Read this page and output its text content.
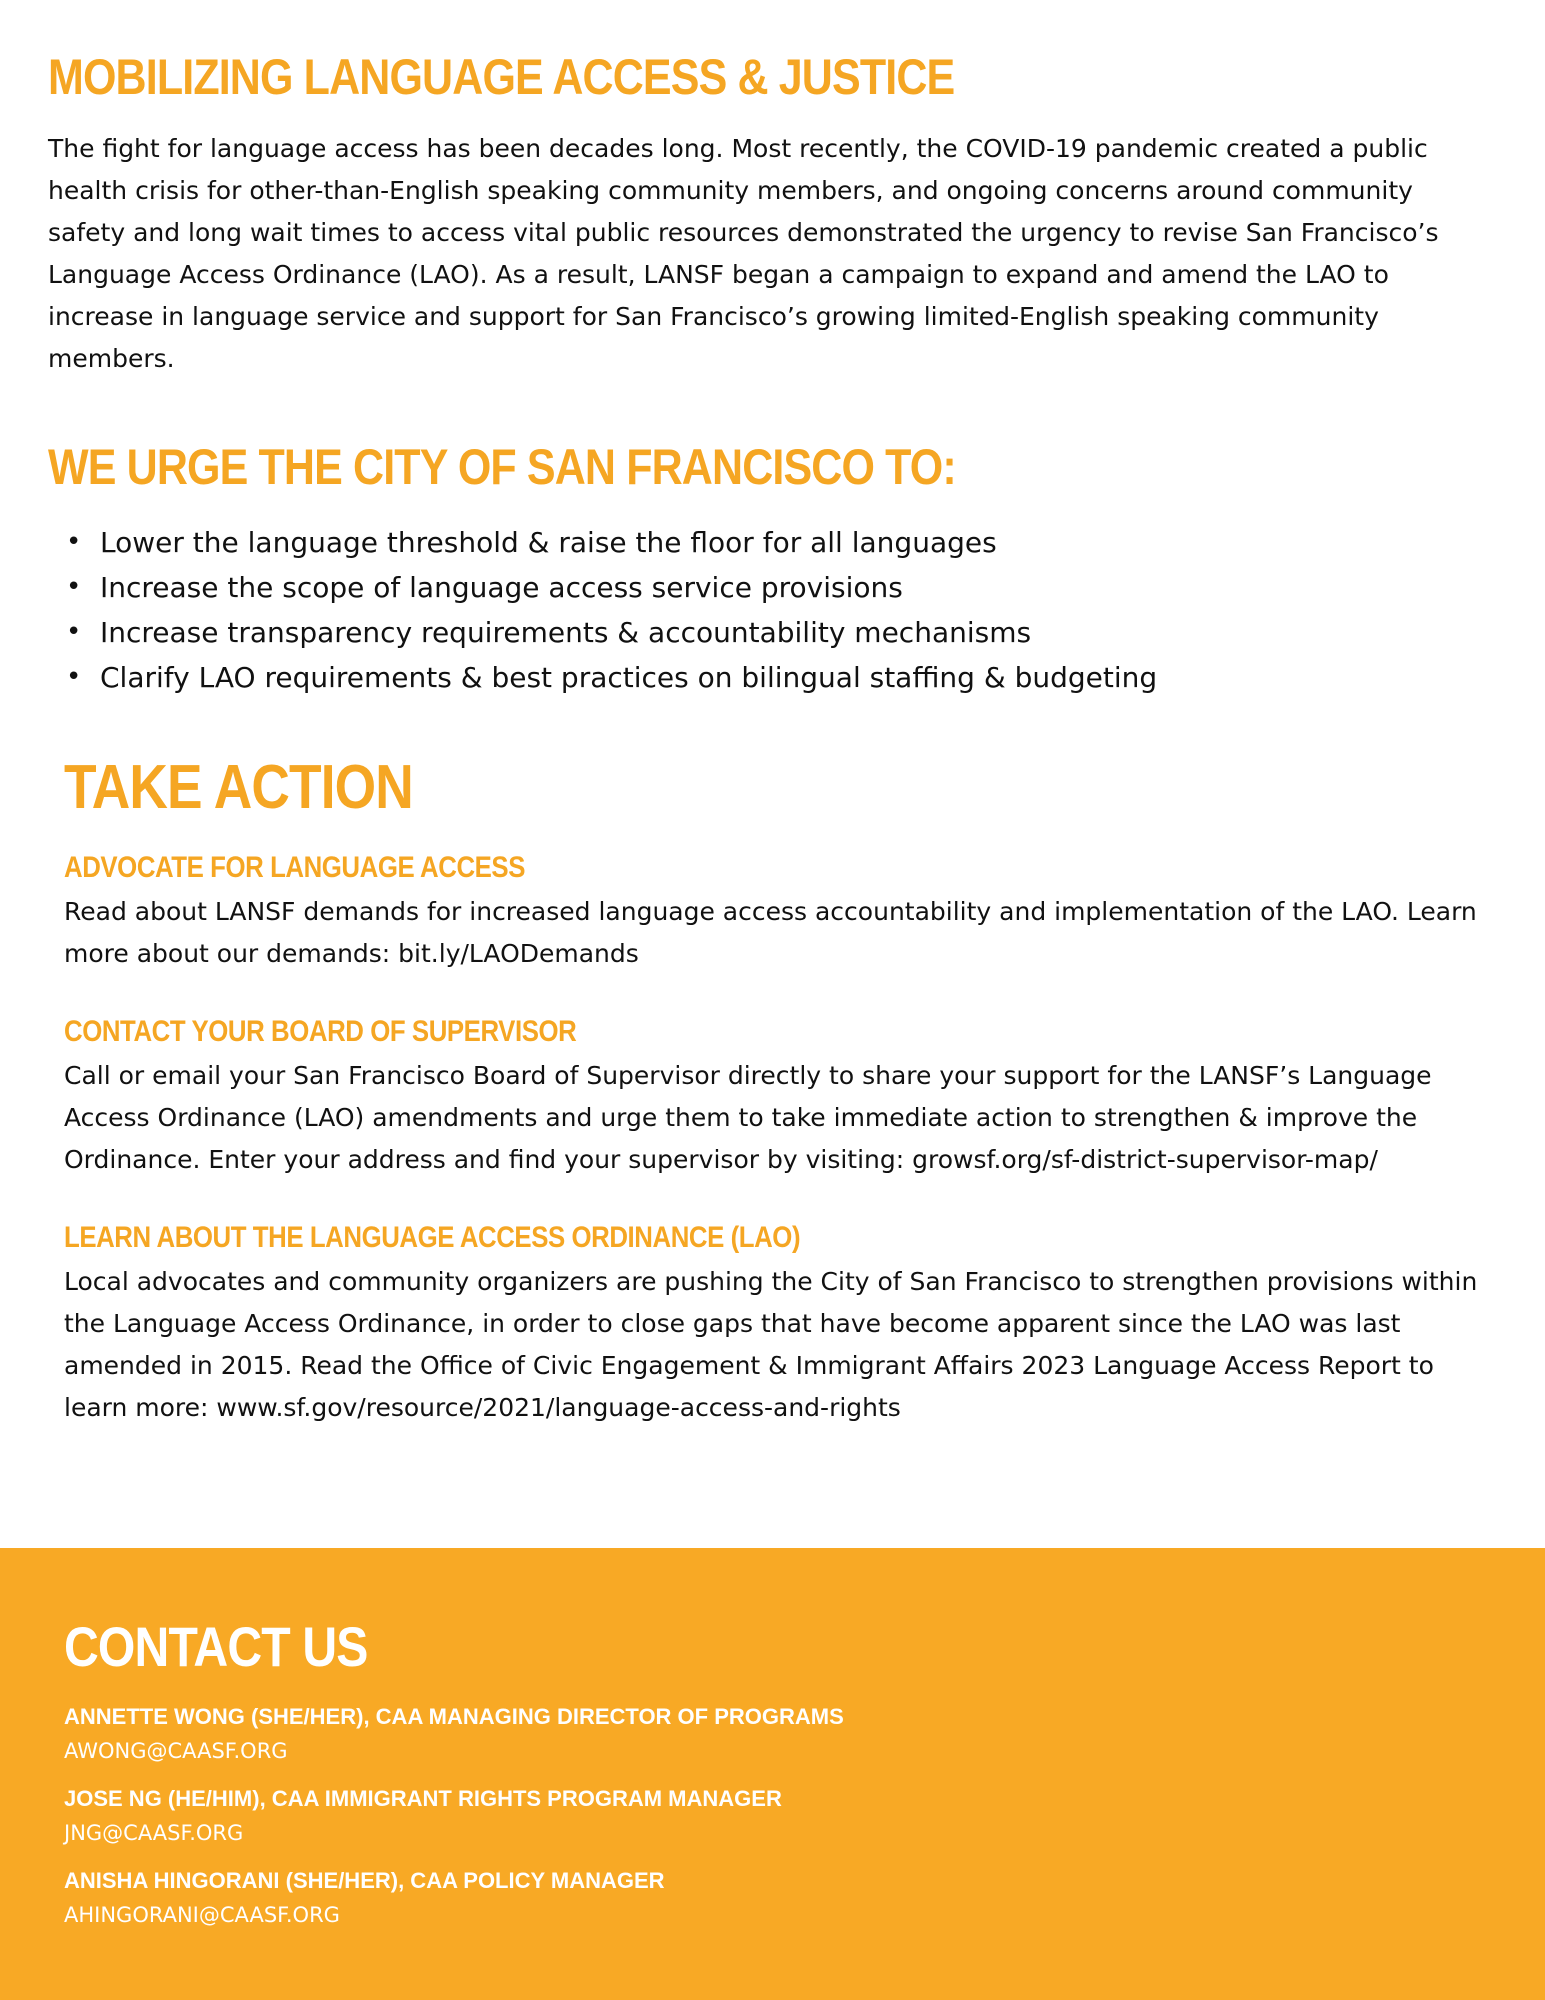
MOBILIZING LANGUAGE ACCESS & JUSTICE

The fight for language access has been decades long. Most recently, the COVID-19 pandemic created a public health crisis for other-than-English speaking community members, and ongoing concerns around community safety and long wait times to access vital public resources demonstrated the urgency to revise San Francisco’s Language Access Ordinance (LAO). As a result, LANSF began a campaign to expand and amend the LAO to increase in language service and support for San Francisco’s growing limited-English speaking community members.

WE URGE THE CITY OF SAN FRANCISCO TO:
• Lower the language threshold & raise the floor for all languages
• Increase the scope of language access service provisions
• Increase transparency requirements & accountability mechanisms
• Clarify LAO requirements & best practices on bilingual staffing & budgeting
TAKE ACTION
ADVOCATE FOR LANGUAGE ACCESS

Read about LANSF demands for increased language access accountability and implementation of the LAO. Learn more about our demands: bit.ly/LAODemands

CONTACT YOUR BOARD OF SUPERVISOR

Call or email your San Francisco Board of Supervisor directly to share your support for the LANSF’s Language Access Ordinance (LAO) amendments and urge them to take immediate action to strengthen & improve the Ordinance. Enter your address and find your supervisor by visiting: growsf.org/sf-district-supervisor-map/

LEARN ABOUT THE LANGUAGE ACCESS ORDINANCE (LAO)

Local advocates and community organizers are pushing the City of San Francisco to strengthen provisions within the Language Access Ordinance, in order to close gaps that have become apparent since the LAO was last amended in 2015. Read the Office of Civic Engagement & Immigrant Affairs 2023 Language Access Report to learn more: www.sf.gov/resource/2021/language-access-and-rights

CONTACT US
ANNETTE WONG (SHE/HER), CAA MANAGING DIRECTOR OF PROGRAMS
AWONG@CAASF.ORG
JOSE NG (HE/HIM), CAA IMMIGRANT RIGHTS PROGRAM MANAGER
JNG@CAASF.ORG
ANISHA HINGORANI (SHE/HER), CAA POLICY MANAGER
AHINGORANI@CAASF.ORG
